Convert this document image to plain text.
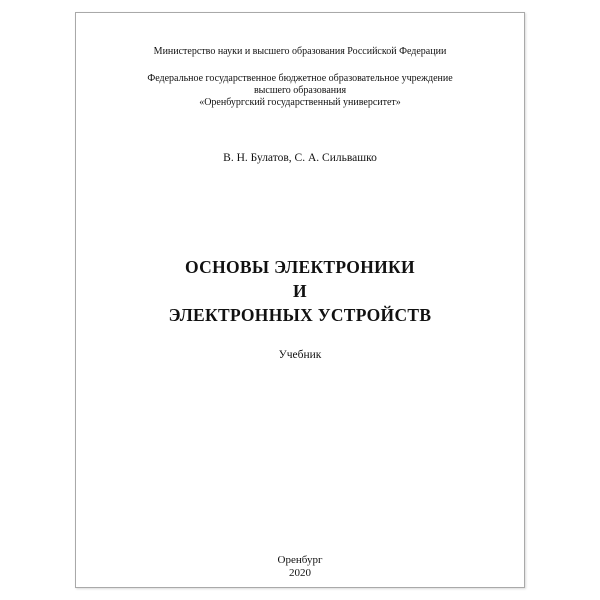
Министерство науки и высшего образования Российской Федерации
Федеральное государственное бюджетное образовательное учреждение
высшего образования
«Оренбургский государственный университет»
В. Н. Булатов, С. А. Сильвашко
ОСНОВЫ ЭЛЕКТРОНИКИ
И
ЭЛЕКТРОННЫХ УСТРОЙСТВ
Учебник
Оренбург
2020
